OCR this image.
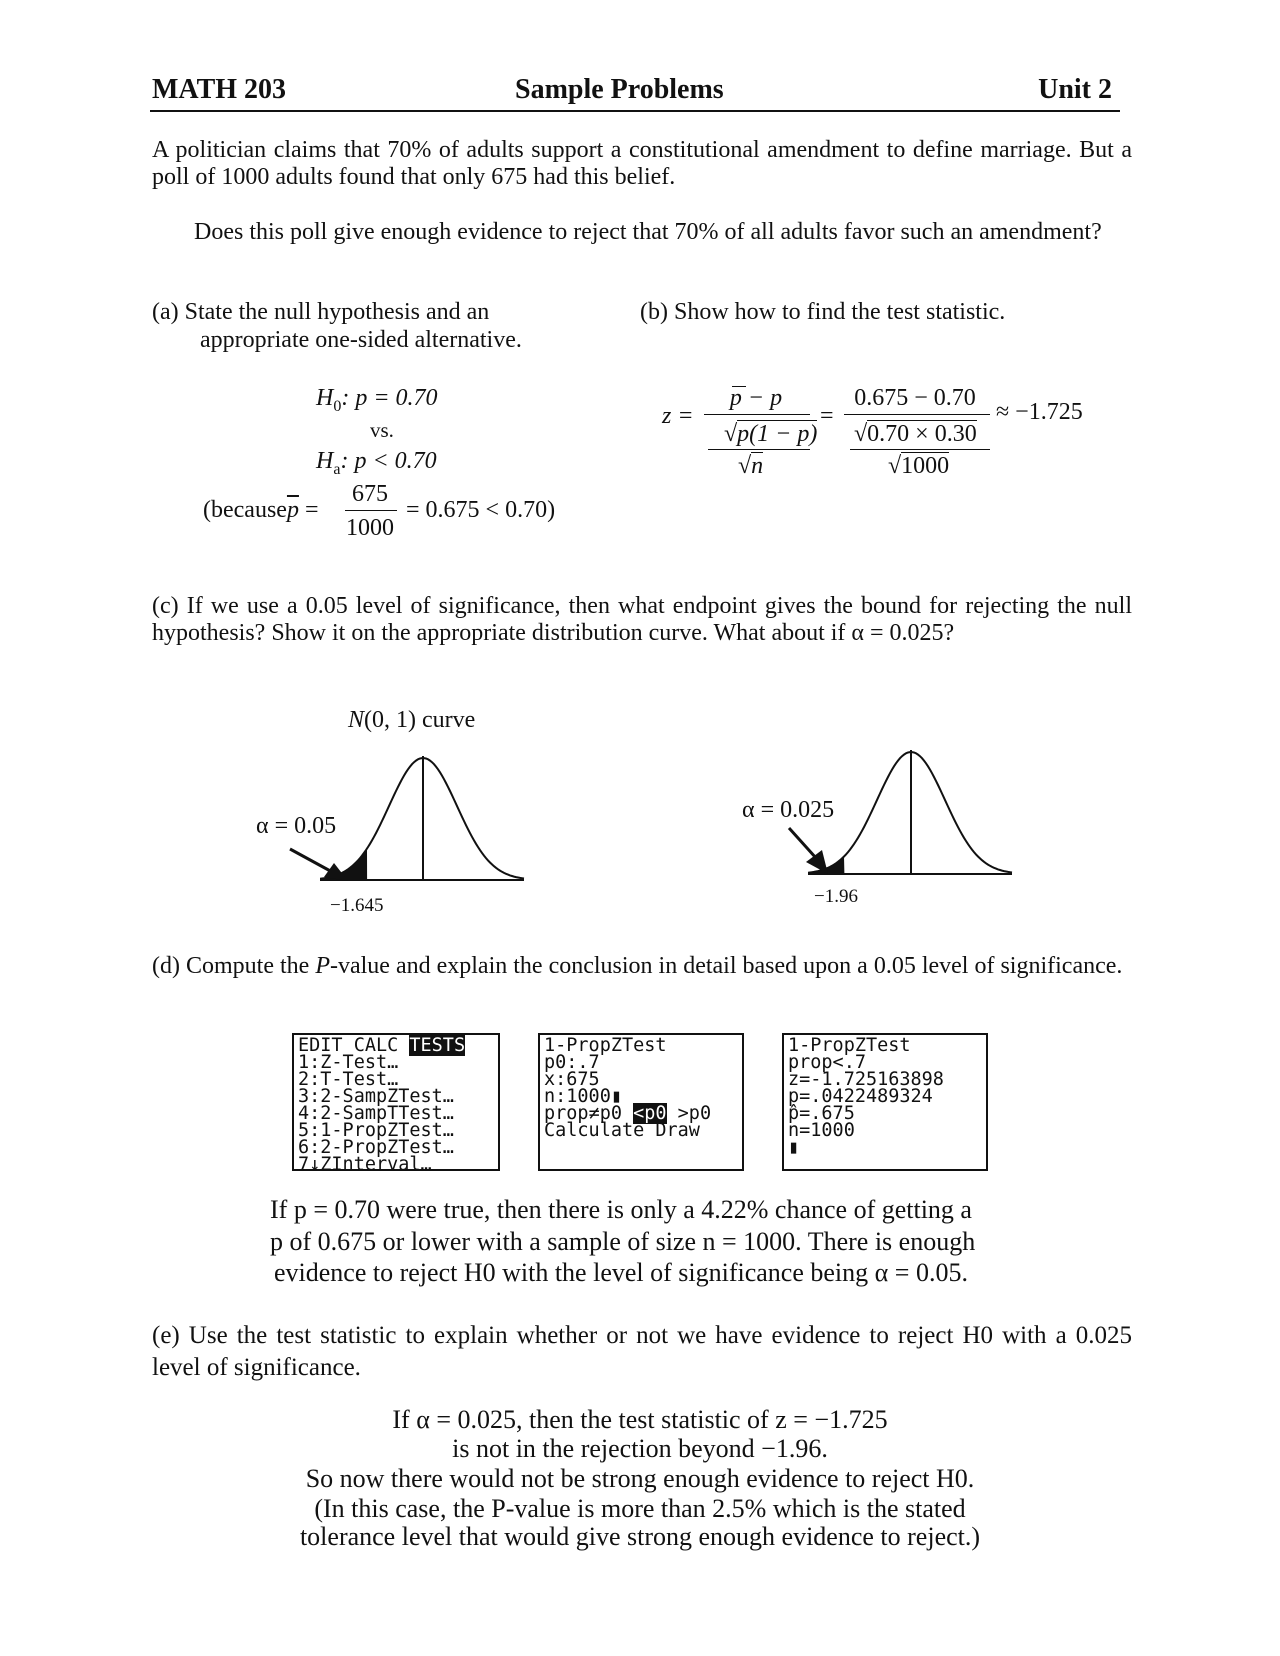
MATH 203	Sample Problems	Unit 2
A politician claims that 70% of adults support a constitutional amendment to define marriage. But a poll of 1000 adults found that only 675 had this belief.
Does this poll give enough evidence to reject that 70% of all adults favor such an amendment?
(a) State the null hypothesis and an
appropriate one-sided alternative.
$H_0$: p = 0.70
vs.
$H_a$: p < 0.70
($because\overline{p}$ =
675
1000
= 0.675 < 0.70)
(b) Show how to find the test statistic.
z =
p − p
√p(1 − p)
√n
=
0.675 − 0.70
√0.70 × 0.30
√1000
≈ −1.725
(c) If we use a 0.05 level of significance, then what endpoint gives the bound for rejecting the null hypothesis? Show it on the appropriate distribution curve. What about if α = 0.025?
N(0, 1) curve
α = 0.05
−1.645
α = 0.025
−1.96
(d) Compute the P-value and explain the conclusion in detail based upon a 0.05 level of significance.
EDIT CALC TESTS
1:Z-Test…
2:T-Test…
3:2-SampZTest…
4:2-SampTTest…
5:1-PropZTest…
6:2-PropZTest…
7↓ZInterval…
1-PropZTest
p0:.7
x:675
n:1000▮
prop≠p0 <p0 >p0
Calculate Draw
1-PropZTest
prop<.7
z=-1.725163898
p=.0422489324
p̂=.675
n=1000
▮
If p = 0.70 were true, then there is only a 4.22% chance of getting a
p of 0.675 or lower with a sample of size n = 1000. There is enough
evidence to reject H0 with the level of significance being α = 0.05.
(e) Use the test statistic to explain whether or not we have evidence to reject H0 with a 0.025 level of significance.
If α = 0.025, then the test statistic of z = −1.725
is not in the rejection beyond −1.96.
So now there would not be strong enough evidence to reject H0.
(In this case, the P-value is more than 2.5% which is the stated
tolerance level that would give strong enough evidence to reject.)
